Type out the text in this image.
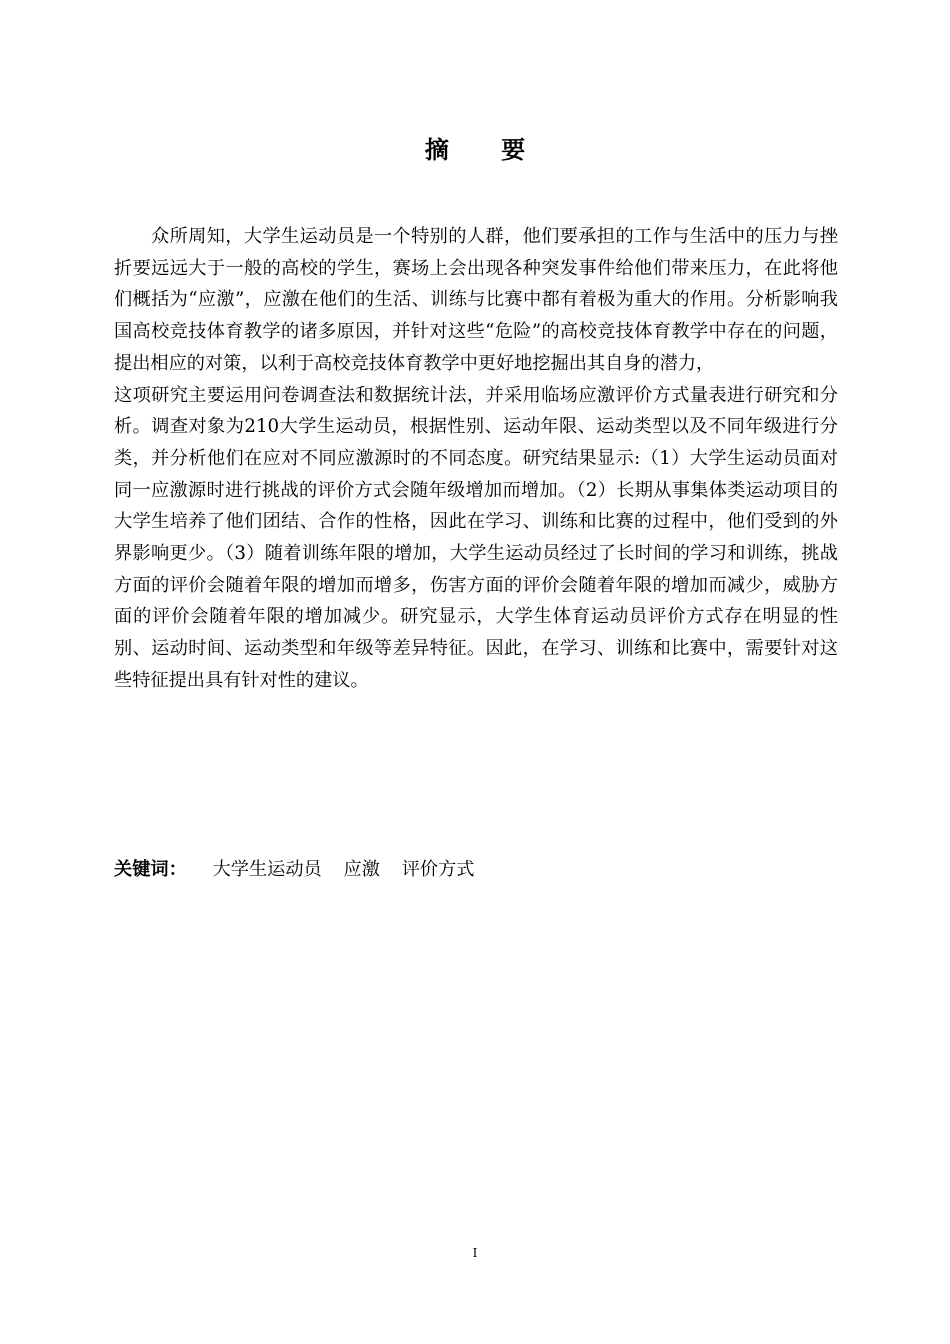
摘 要

众所周知，大学生运动员是一个特别的人群，他们要承担的工作与生活中的压力与挫折要远远大于一般的高校的学生，赛场上会出现各种突发事件给他们带来压力，在此将他们概括为“应激”，应激在他们的生活、训练与比赛中都有着极为重大的作用。分析影响我国高校竞技体育教学的诸多原因，并针对这些“危险”的高校竞技体育教学中存在的问题，提出相应的对策，以利于高校竞技体育教学中更好地挖掘出其自身的潜力，

这项研究主要运用问卷调查法和数据统计法，并采用临场应激评价方式量表进行研究和分析。调查对象为210大学生运动员，根据性别、运动年限、运动类型以及不同年级进行分类，并分析他们在应对不同应激源时的不同态度。研究结果显示:（1）大学生运动员面对同一应激源时进行挑战的评价方式会随年级增加而增加。（2）长期从事集体类运动项目的大学生培养了他们团结、合作的性格，因此在学习、训练和比赛的过程中，他们受到的外界影响更少。（3）随着训练年限的增加，大学生运动员经过了长时间的学习和训练，挑战方面的评价会随着年限的增加而增多，伤害方面的评价会随着年限的增加而减少，威胁方面的评价会随着年限的增加减少。研究显示，大学生体育运动员评价方式存在明显的性别、运动时间、运动类型和年级等差异特征。因此，在学习、训练和比赛中，需要针对这些特征提出具有针对性的建议。

关键词： 大学生运动员 应激 评价方式
I
